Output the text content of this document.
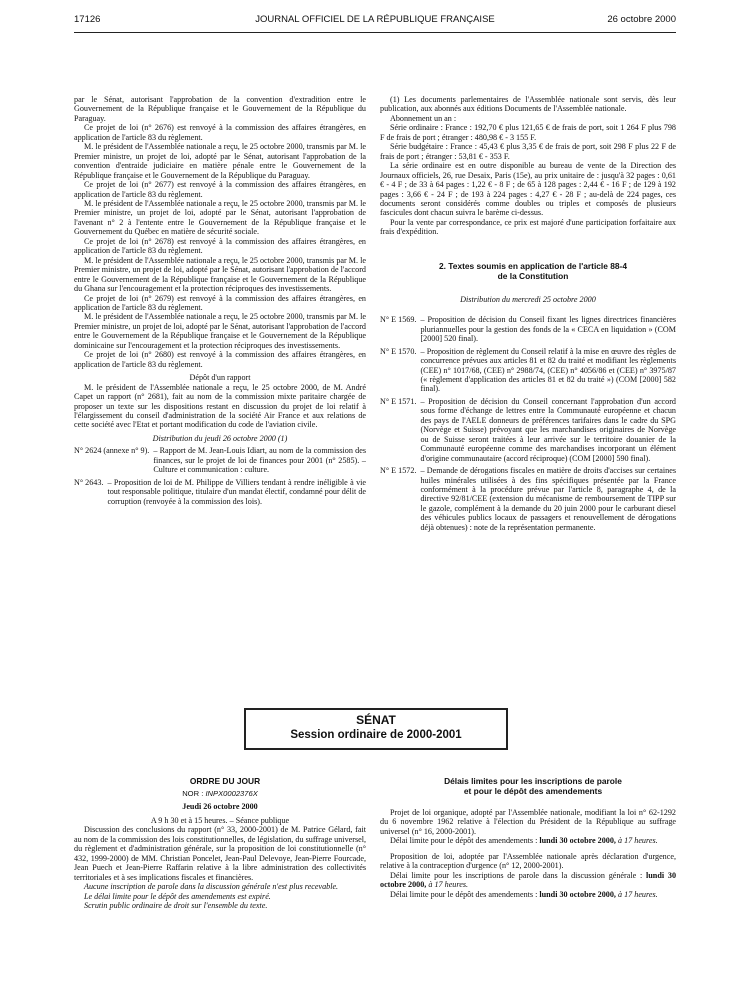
17126	JOURNAL OFFICIEL DE LA RÉPUBLIQUE FRANÇAISE	26 octobre 2000

par le Sénat, autorisant l'approbation de la convention d'extradition entre le Gouvernement de la République française et le Gouvernement de la République du Paraguay.

Ce projet de loi (n° 2676) est renvoyé à la commission des affaires étrangères, en application de l'article 83 du règlement.

M. le président de l'Assemblée nationale a reçu, le 25 octobre 2000, transmis par M. le Premier ministre, un projet de loi, adopté par le Sénat, autorisant l'approbation de la convention d'entraide judiciaire en matière pénale entre le Gouvernement de la République française et le Gouvernement de la République du Paraguay.

Ce projet de loi (n° 2677) est renvoyé à la commission des affaires étrangères, en application de l'article 83 du règlement.

M. le président de l'Assemblée nationale a reçu, le 25 octobre 2000, transmis par M. le Premier ministre, un projet de loi, adopté par le Sénat, autorisant l'approbation de l'avenant n° 2 à l'entente entre le Gouvernement de la République française et le Gouvernement du Québec en matière de sécurité sociale.

Ce projet de loi (n° 2678) est renvoyé à la commission des affaires étrangères, en application de l'article 83 du règlement.

M. le président de l'Assemblée nationale a reçu, le 25 octobre 2000, transmis par M. le Premier ministre, un projet de loi, adopté par le Sénat, autorisant l'approbation de l'accord entre le Gouvernement de la République française et le Gouvernement de la République du Ghana sur l'encouragement et la protection réciproques des investissements.

Ce projet de loi (n° 2679) est renvoyé à la commission des affaires étrangères, en application de l'article 83 du règlement.

M. le président de l'Assemblée nationale a reçu, le 25 octobre 2000, transmis par M. le Premier ministre, un projet de loi, adopté par le Sénat, autorisant l'approbation de l'accord entre le Gouvernement de la République française et le Gouvernement de la République dominicaine sur l'encouragement et la protection réciproques des investissements.

Ce projet de loi (n° 2680) est renvoyé à la commission des affaires étrangères, en application de l'article 83 du règlement.

Dépôt d'un rapport

M. le président de l'Assemblée nationale a reçu, le 25 octobre 2000, de M. André Capet un rapport (n° 2681), fait au nom de la commission mixte paritaire chargée de proposer un texte sur les dispositions restant en discussion du projet de loi relatif à l'élargissement du conseil d'administration de la société Air France et aux relations de cette société avec l'Etat et portant modification du code de l'aviation civile.

Distribution du jeudi 26 octobre 2000 (1)

N° 2624 (annexe n° 9). – Rapport de M. Jean-Louis Idiart, au nom de la commission des finances, sur le projet de loi de finances pour 2001 (n° 2585). – Culture et communication : culture.
N° 2643. – Proposition de loi de M. Philippe de Villiers tendant à rendre inéligible à vie tout responsable politique, titulaire d'un mandat électif, condamné pour délit de corruption (renvoyée à la commission des lois).

(1) Les documents parlementaires de l'Assemblée nationale sont servis, dès leur publication, aux abonnés aux éditions Documents de l'Assemblée nationale.

Abonnement un an :

Série ordinaire : France : 192,70 € plus 121,65 € de frais de port, soit 1 264 F plus 798 F de frais de port ; étranger : 480,98 € - 3 155 F.

Série budgétaire : France : 45,43 € plus 3,35 € de frais de port, soit 298 F plus 22 F de frais de port ; étranger : 53,81 € - 353 F.

La série ordinaire est en outre disponible au bureau de vente de la Direction des Journaux officiels, 26, rue Desaix, Paris (15e), au prix unitaire de : jusqu'à 32 pages : 0,61 € - 4 F ; de 33 à 64 pages : 1,22 € - 8 F ; de 65 à 128 pages : 2,44 € - 16 F ; de 129 à 192 pages : 3,66 € - 24 F ; de 193 à 224 pages : 4,27 € - 28 F ; au-delà de 224 pages, ces documents seront considérés comme doubles ou triples et composés de plusieurs fascicules dont chacun suivra le barème ci-dessus.

Pour la vente par correspondance, ce prix est majoré d'une participation forfaitaire aux frais d'expédition.

2. Textes soumis en application de l'article 88-4

de la Constitution

Distribution du mercredi 25 octobre 2000

N° E 1569. – Proposition de décision du Conseil fixant les lignes directrices financières pluriannuelles pour la gestion des fonds de la « CECA en liquidation » (COM [2000] 520 final).
N° E 1570. – Proposition de règlement du Conseil relatif à la mise en œuvre des règles de concurrence prévues aux articles 81 et 82 du traité et modifiant les règlements (CEE) n° 1017/68, (CEE) n° 2988/74, (CEE) n° 4056/86 et (CEE) n° 3975/87 (« règlement d'application des articles 81 et 82 du traité ») (COM [2000] 582 final).
N° E 1571. – Proposition de décision du Conseil concernant l'approbation d'un accord sous forme d'échange de lettres entre la Communauté européenne et chacun des pays de l'AELE donneurs de préférences tarifaires dans le cadre du SPG (Norvège et Suisse) prévoyant que les marchandises originaires de Norvège ou de Suisse seront traitées à leur arrivée sur le territoire douanier de la Communauté européenne comme des marchandises incorporant un élément d'origine communautaire (accord réciproque) (COM [2000] 590 final).
N° E 1572. – Demande de dérogations fiscales en matière de droits d'accises sur certaines huiles minérales utilisées à des fins spécifiques présentée par la France conformément à la procédure prévue par l'article 8, paragraphe 4, de la directive 92/81/CEE (extension du mécanisme de remboursement de TIPP sur le gazole, complément à la demande du 20 juin 2000 pour le carburant diesel des véhicules publics locaux de passagers et renouvellement de dérogations déjà obtenues) : note de la représentation permanente.
SÉNAT
Session ordinaire de 2000-2001

ORDRE DU JOUR

NOR : INPX0002376X

Jeudi 26 octobre 2000

A 9 h 30 et à 15 heures. – Séance publique

Discussion des conclusions du rapport (n° 33, 2000-2001) de M. Patrice Gélard, fait au nom de la commission des lois constitutionnelles, de législation, du suffrage universel, du règlement et d'administration générale, sur la proposition de loi constitutionnelle (n° 432, 1999-2000) de MM. Christian Poncelet, Jean-Paul Delevoye, Jean-Pierre Fourcade, Jean Puech et Jean-Pierre Raffarin relative à la libre administration des collectivités territoriales et à ses implications fiscales et financières.

Aucune inscription de parole dans la discussion générale n'est plus recevable.

Le délai limite pour le dépôt des amendements est expiré.

Scrutin public ordinaire de droit sur l'ensemble du texte.

Délais limites pour les inscriptions de parole

et pour le dépôt des amendements

Projet de loi organique, adopté par l'Assemblée nationale, modifiant la loi n° 62-1292 du 6 novembre 1962 relative à l'élection du Président de la République au suffrage universel (n° 16, 2000-2001).

Délai limite pour le dépôt des amendements : lundi 30 octobre 2000, à 17 heures.

Proposition de loi, adoptée par l'Assemblée nationale après déclaration d'urgence, relative à la contraception d'urgence (n° 12, 2000-2001).

Délai limite pour les inscriptions de parole dans la discussion générale : lundi 30 octobre 2000, à 17 heures.

Délai limite pour le dépôt des amendements : lundi 30 octobre 2000, à 17 heures.
